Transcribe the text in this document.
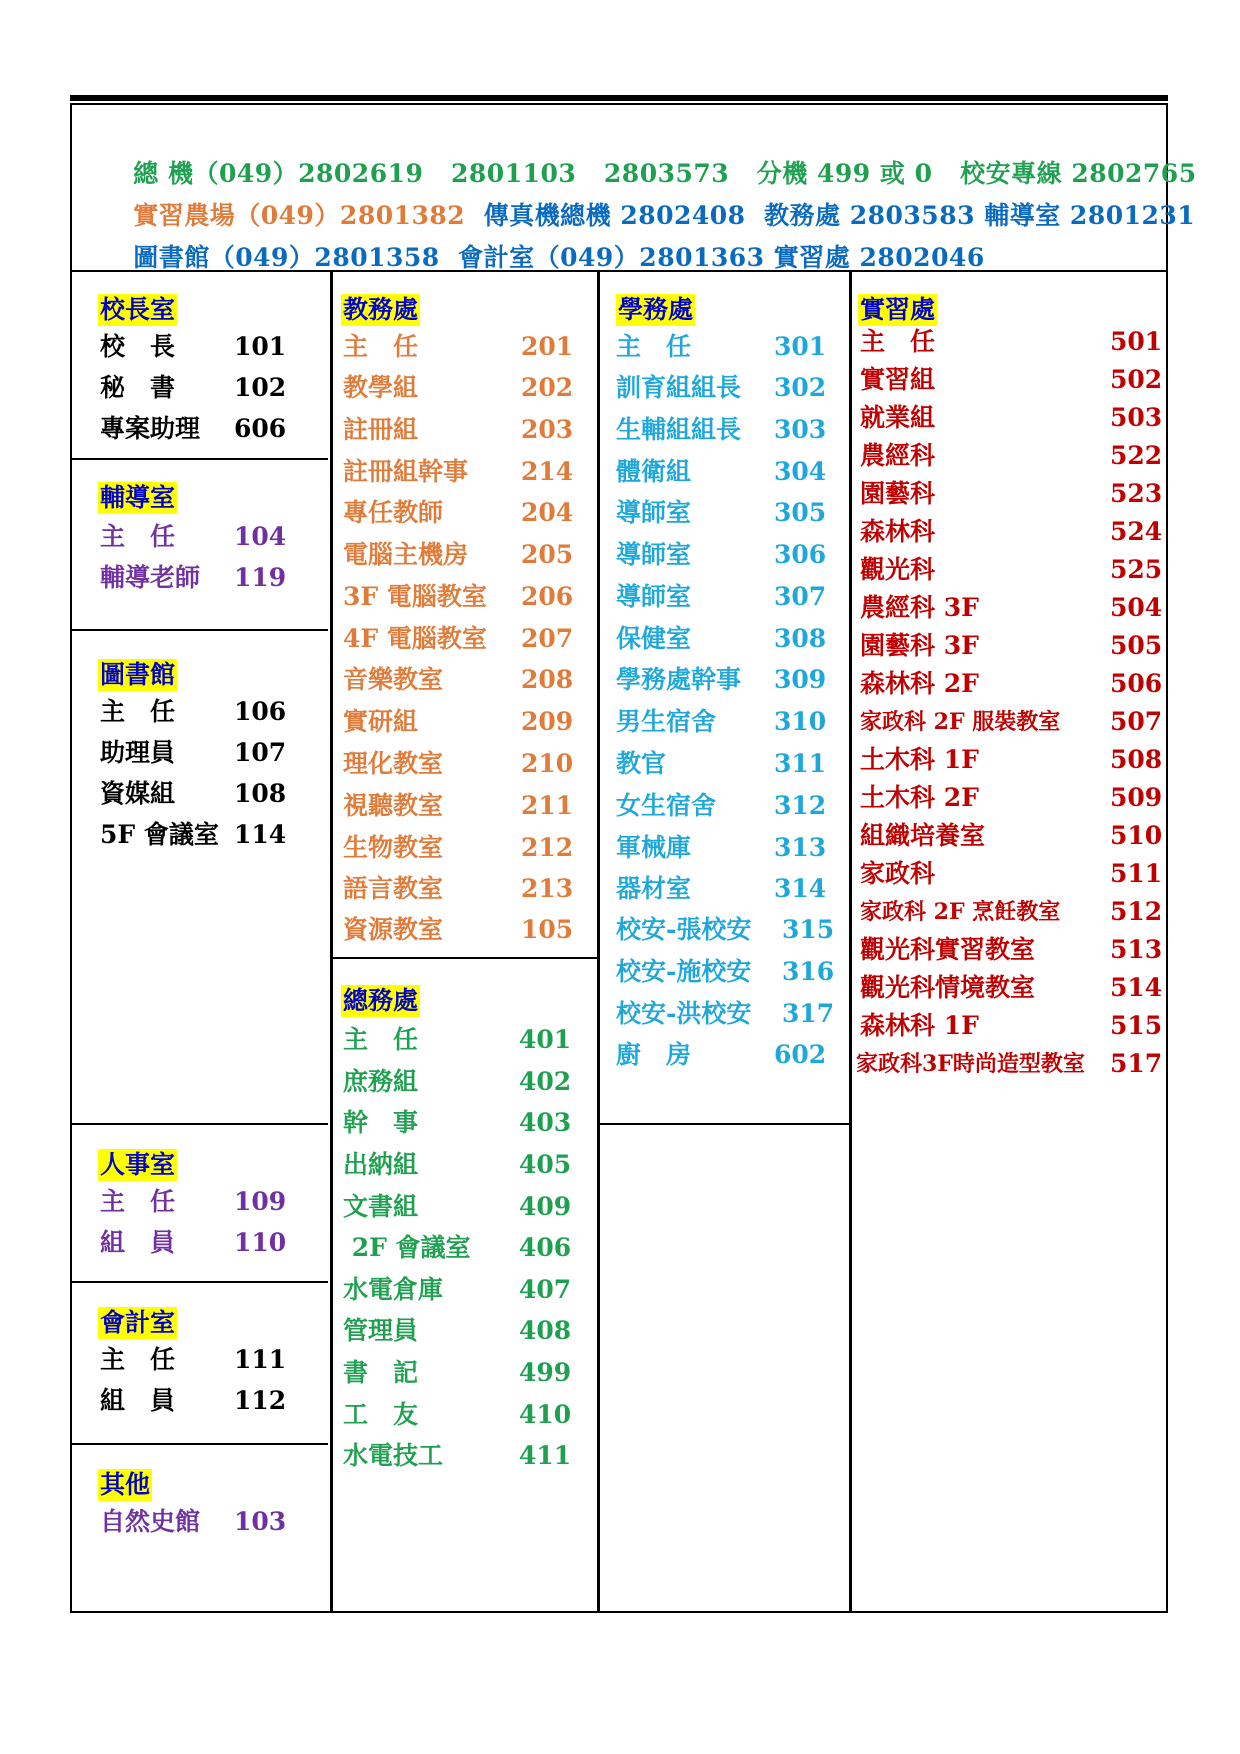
總 機（049）2802619 2801103 2803573 分機 499 或 0 校安專線 2802765

實習農場（049）2801382 傳真機總機 2802408 教務處 2803583 輔導室 2801231

圖書館（049）2801358 會計室（049）2801363 實習處 2802046

校長室
校　長 101
秘　書 102
專案助理 606
輔導室
主　任 104
輔導老師 119
圖書館
主　任 106
助理員 107
資媒組 108
5F 會議室 114
人事室
主　任 109
組　員 110
會計室
主　任 111
組　員 112
其他
自然史館 103
教務處
主　任	201
教學組	202
註冊組	203
註冊組幹事 214
專任教師	204
電腦主機房 205
3F 電腦教室 206
4F 電腦教室 207
音樂教室	208
實研組	209
理化教室	210
視聽教室	211
生物教室	212
語言教室	213
資源教室	105
總務處
主　任	401
庶務組	402
幹　事	403
出納組	405
文書組	409
2F 會議室 406
水電倉庫	407
管理員	408
書　記	499
工　友	410
水電技工	411
學務處
主　任	301
訓育組組長 302
生輔組組長 303
體衛組	304
導師室	305
導師室	306
導師室	307
保健室	308
學務處幹事 309
男生宿舍 310
教官	311
女生宿舍 312
軍械庫	313
器材室	314
校安-張校安 315
校安-施校安 316
校安-洪校安 317
廚　房	602
實習處
主　任	501
實習組	502
就業組	503
農經科	522
園藝科	523
森林科	524
觀光科	525
農經科 3F	504
園藝科 3F	505
森林科 2F	506
家政科 2F 服裝教室 507
土木科 1F	508
土木科 2F	509
組織培養室	510
家政科	511
家政科 2F 烹飪教室 512
觀光科實習教室	513
觀光科情境教室	514
森林科 1F	515
家政科3F時尚造型教室 517
